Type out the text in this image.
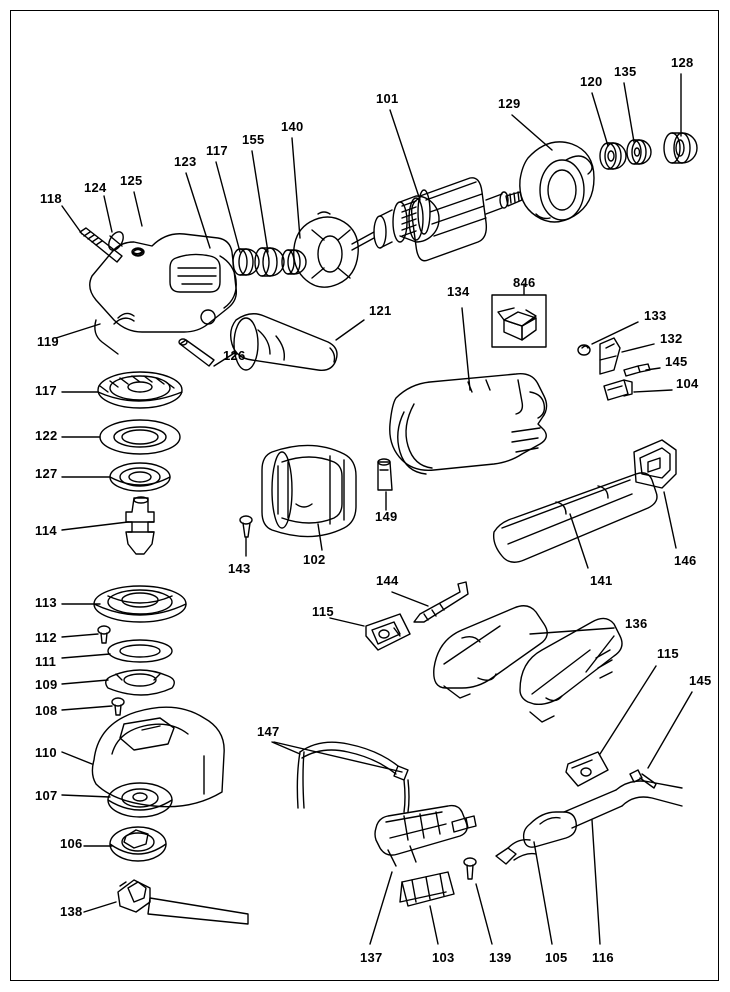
118
124 125
123
117
155
140
101	129
120
135
128
119
121
846
134
133
132
145
104
117
126
122
127
114
143
102
149
141
146
113
112
111
109
108
110
107
106
138
115
144
136
115
145
147
137	103	139	105 116
